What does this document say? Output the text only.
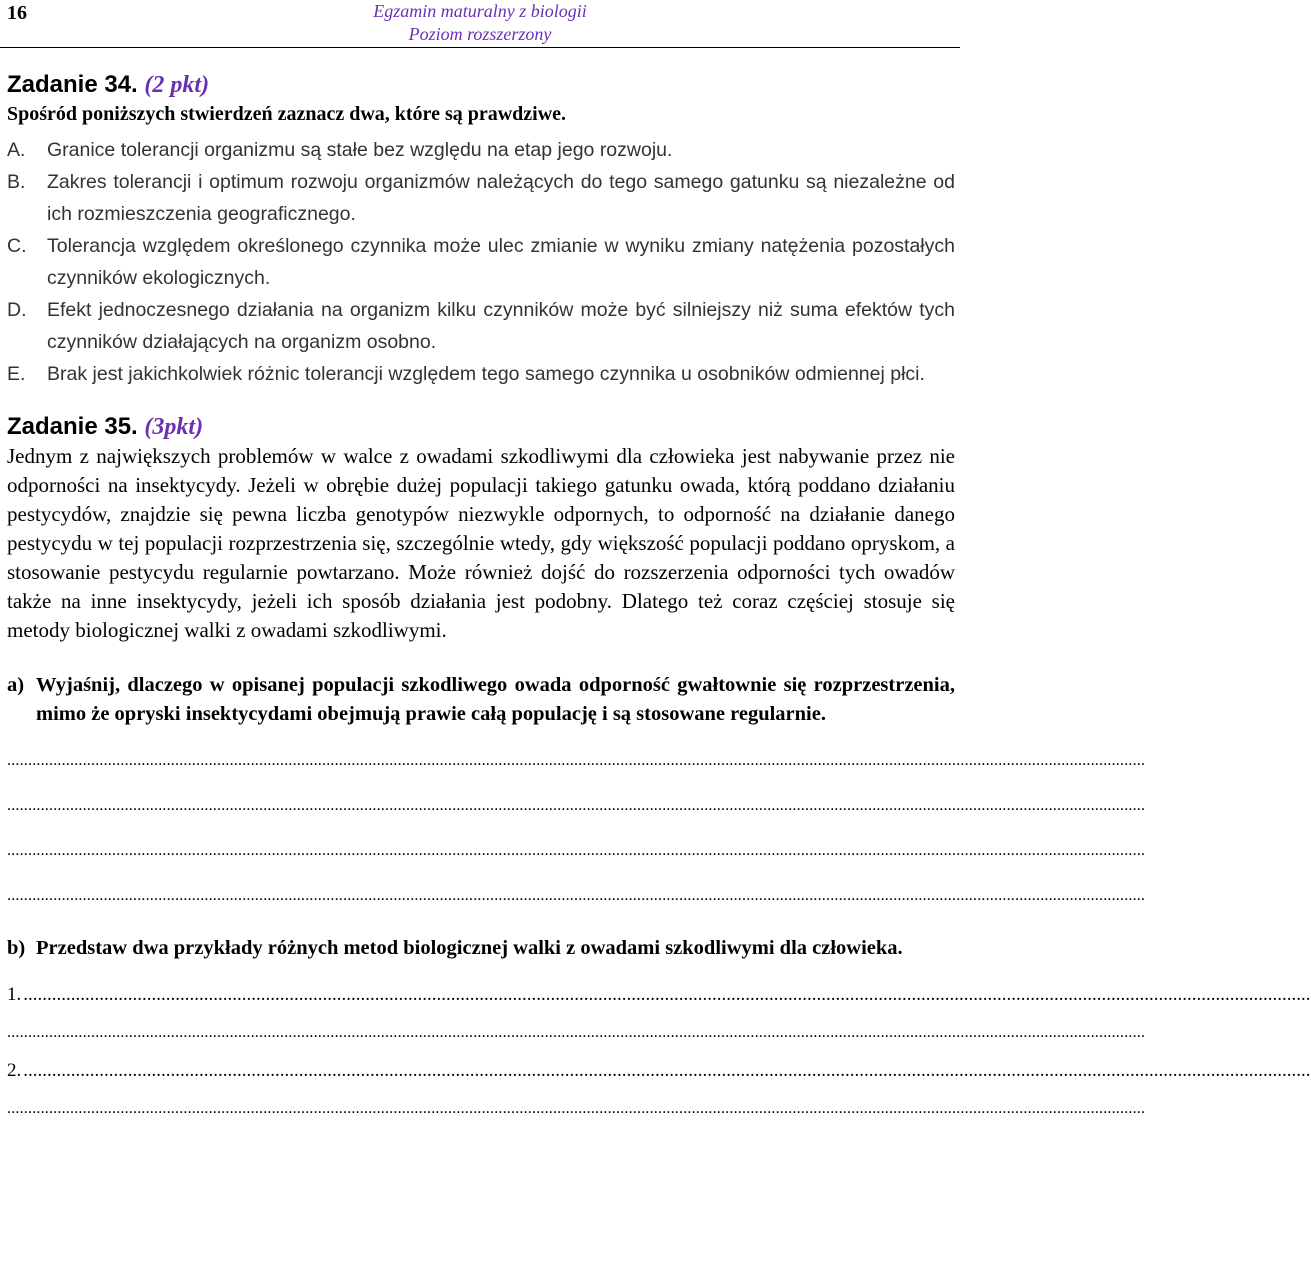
16	Egzamin maturalny z biologii
Poziom rozszerzony
Zadanie 34. (2 pkt)
Spośród poniższych stwierdzeń zaznacz dwa, które są prawdziwe.
A.	Granice tolerancji organizmu są stałe bez względu na etap jego rozwoju.
B.	Zakres tolerancji i optimum rozwoju organizmów należących do tego samego gatunku są niezależne od ich rozmieszczenia geograficznego.
C.	Tolerancja względem określonego czynnika może ulec zmianie w wyniku zmiany natężenia pozostałych czynników ekologicznych.
D.	Efekt jednoczesnego działania na organizm kilku czynników może być silniejszy niż suma efektów tych czynników działających na organizm osobno.
E.	Brak jest jakichkolwiek różnic tolerancji względem tego samego czynnika u osobników odmiennej płci.
Zadanie 35. (3pkt)
Jednym z największych problemów w walce z owadami szkodliwymi dla człowieka jest nabywanie przez nie odporności na insektycydy. Jeżeli w obrębie dużej populacji takiego gatunku owada, którą poddano działaniu pestycydów, znajdzie się pewna liczba genotypów niezwykle odpornych, to odporność na działanie danego pestycydu w tej populacji rozprzestrzenia się, szczególnie wtedy, gdy większość populacji poddano opryskom, a stosowanie pestycydu regularnie powtarzano. Może również dojść do rozszerzenia odporności tych owadów także na inne insektycydy, jeżeli ich sposób działania jest podobny. Dlatego też coraz częściej stosuje się metody biologicznej walki z owadami szkodliwymi.
a) Wyjaśnij, dlaczego w opisanej populacji szkodliwego owada odporność gwałtownie się rozprzestrzenia, mimo że opryski insektycydami obejmują prawie całą populację i są stosowane regularnie.
...............................................................................................................................................................................................................................................................................
...............................................................................................................................................................................................................................................................................
...............................................................................................................................................................................................................................................................................
...............................................................................................................................................................................................................................................................................
b) Przedstaw dwa przykłady różnych metod biologicznej walki z owadami szkodliwymi dla człowieka.
1. ...............................................................................................................................................................................................................................................................................
...............................................................................................................................................................................................................................................................................
2. ...............................................................................................................................................................................................................................................................................
...............................................................................................................................................................................................................................................................................
